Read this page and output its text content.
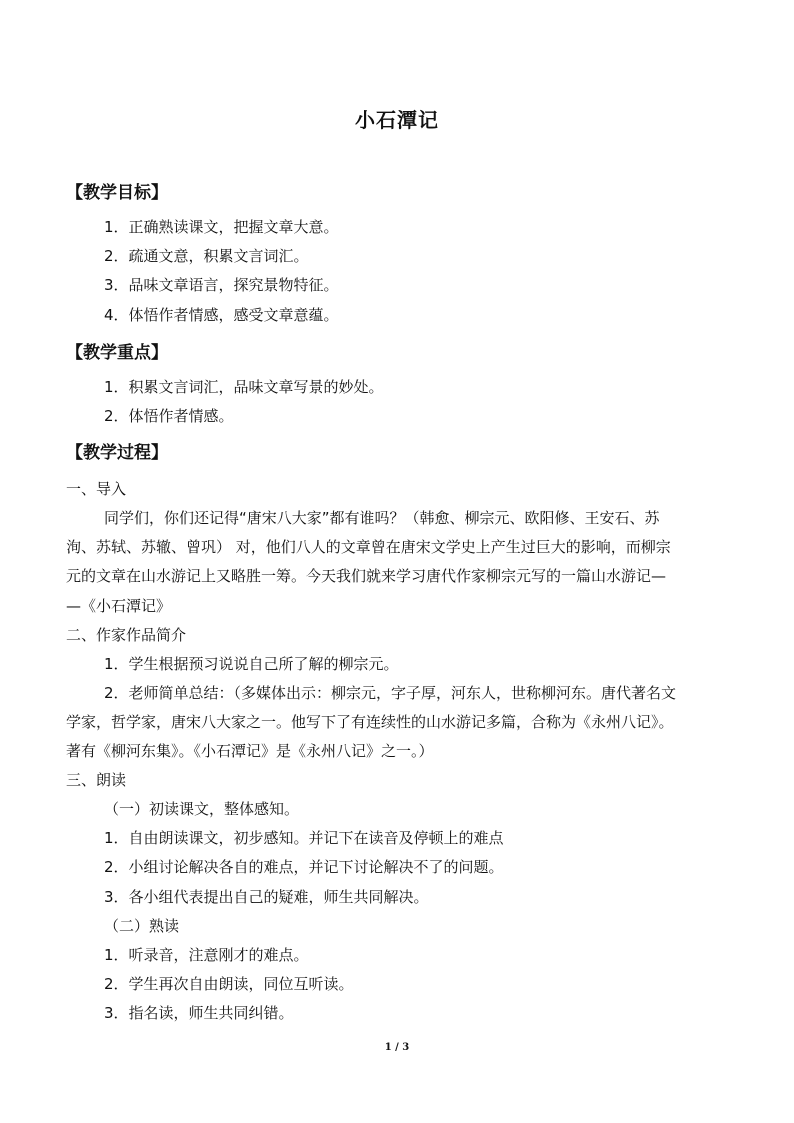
小石潭记
【教学目标】
1．正确熟读课文，把握文章大意。
2．疏通文意，积累文言词汇。
3．品味文章语言，探究景物特征。
4．体悟作者情感，感受文章意蕴。
【教学重点】
1．积累文言词汇，品味文章写景的妙处。
2．体悟作者情感。
【教学过程】
一、导入
同学们，你们还记得“唐宋八大家”都有谁吗？（韩愈、柳宗元、欧阳修、王安石、苏
洵、苏轼、苏辙、曾巩） 对，他们八人的文章曾在唐宋文学史上产生过巨大的影响，而柳宗
元的文章在山水游记上又略胜一筹。今天我们就来学习唐代作家柳宗元写的一篇山水游记—
—《小石潭记》
二、作家作品简介
1．学生根据预习说说自己所了解的柳宗元。
2．老师简单总结：（多媒体出示：柳宗元，字子厚，河东人，世称柳河东。唐代著名文
学家，哲学家，唐宋八大家之一。他写下了有连续性的山水游记多篇，合称为《永州八记》。
著有《柳河东集》。《小石潭记》是《永州八记》之一。）
三、朗读
（一）初读课文，整体感知。
1．自由朗读课文，初步感知。并记下在读音及停顿上的难点
2．小组讨论解决各自的难点，并记下讨论解决不了的问题。
3．各小组代表提出自己的疑难，师生共同解决。
（二）熟读
1．听录音，注意刚才的难点。
2．学生再次自由朗读，同位互听读。
3．指名读，师生共同纠错。
1 / 3
